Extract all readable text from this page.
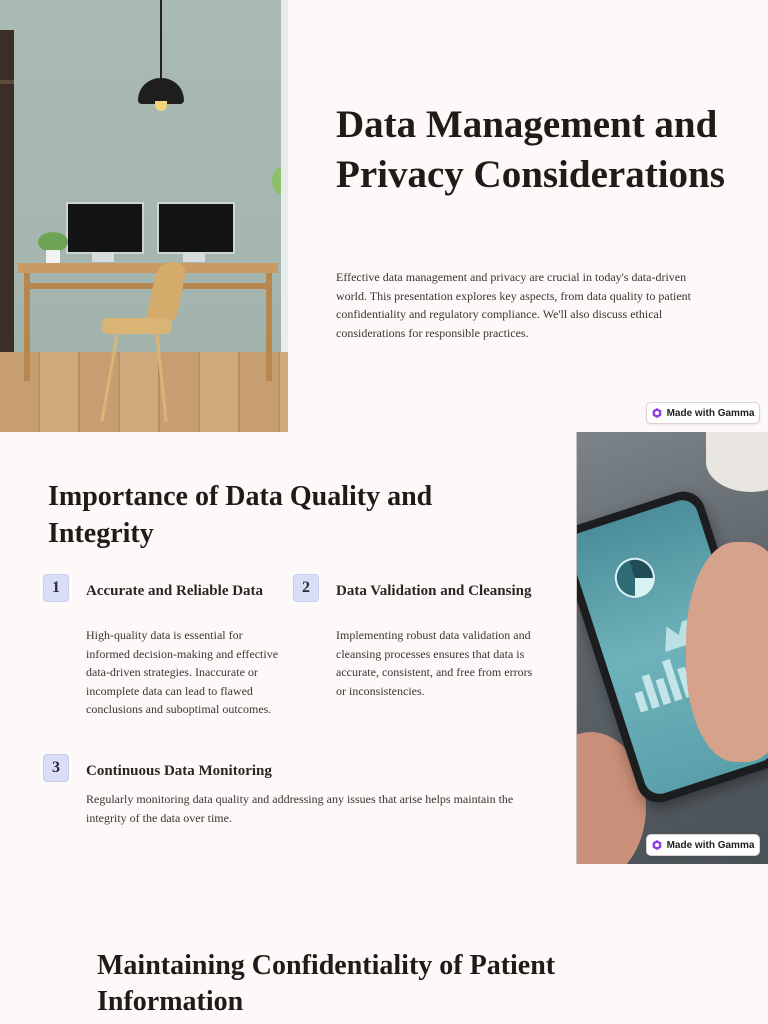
Data Management and Privacy Considerations

Effective data management and privacy are crucial in today's data-driven world. This presentation explores key aspects, from data quality to patient confidentiality and regulatory compliance. We'll also discuss ethical considerations for responsible practices.

Made with Gamma
Importance of Data Quality and Integrity
1	Accurate and Reliable Data

High-quality data is essential for informed decision-making and effective data-driven strategies. Inaccurate or incomplete data can lead to flawed conclusions and suboptimal outcomes.

2	Data Validation and Cleansing

Implementing robust data validation and cleansing processes ensures that data is accurate, consistent, and free from errors or inconsistencies.

3	Continuous Data Monitoring

Regularly monitoring data quality and addressing any issues that arise helps maintain the integrity of the data over time.

Made with Gamma
Maintaining Confidentiality of Patient Information
